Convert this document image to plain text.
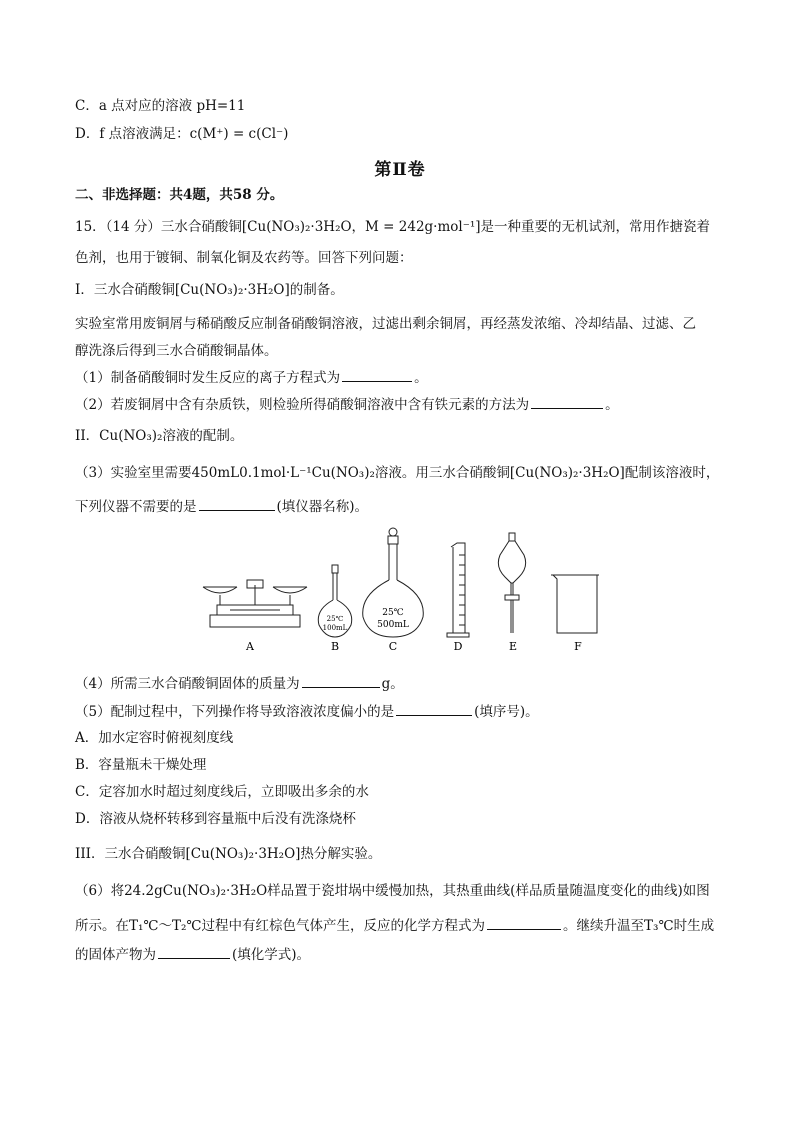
C．a 点对应的溶液 pH=11
D．f 点溶液满足：c(M⁺) = c(Cl⁻)
第Ⅱ卷
二、非选择题：共4题，共58 分。
15．（14 分）三水合硝酸铜[Cu(NO₃)₂·3H₂O，M = 242g·mol⁻¹]是一种重要的无机试剂，常用作搪瓷着
色剂，也用于镀铜、制氧化铜及农药等。回答下列问题：
I．三水合硝酸铜[Cu(NO₃)₂·3H₂O]的制备。
实验室常用废铜屑与稀硝酸反应制备硝酸铜溶液，过滤出剩余铜屑，再经蒸发浓缩、冷却结晶、过滤、乙
醇洗涤后得到三水合硝酸铜晶体。
（1）制备硝酸铜时发生反应的离子方程式为	。
（2）若废铜屑中含有杂质铁，则检验所得硝酸铜溶液中含有铁元素的方法为	。
II．Cu(NO₃)₂溶液的配制。
（3）实验室里需要450mL0.1mol·L⁻¹Cu(NO₃)₂溶液。用三水合硝酸铜[Cu(NO₃)₂·3H₂O]配制该溶液时，
下列仪器不需要的是	(填仪器名称)。
A
25℃
100mL
B
25℃
500mL
C	D	E	F
（4）所需三水合硝酸铜固体的质量为	g。
（5）配制过程中，下列操作将导致溶液浓度偏小的是	(填序号)。
A．加水定容时俯视刻度线
B．容量瓶未干燥处理
C．定容加水时超过刻度线后，立即吸出多余的水
D．溶液从烧杯转移到容量瓶中后没有洗涤烧杯
III．三水合硝酸铜[Cu(NO₃)₂·3H₂O]热分解实验。
（6）将24.2gCu(NO₃)₂·3H₂O样品置于瓷坩埚中缓慢加热，其热重曲线(样品质量随温度变化的曲线)如图
所示。在T₁℃～T₂℃过程中有红棕色气体产生，反应的化学方程式为	。继续升温至T₃℃时生成
的固体产物为	(填化学式)。
